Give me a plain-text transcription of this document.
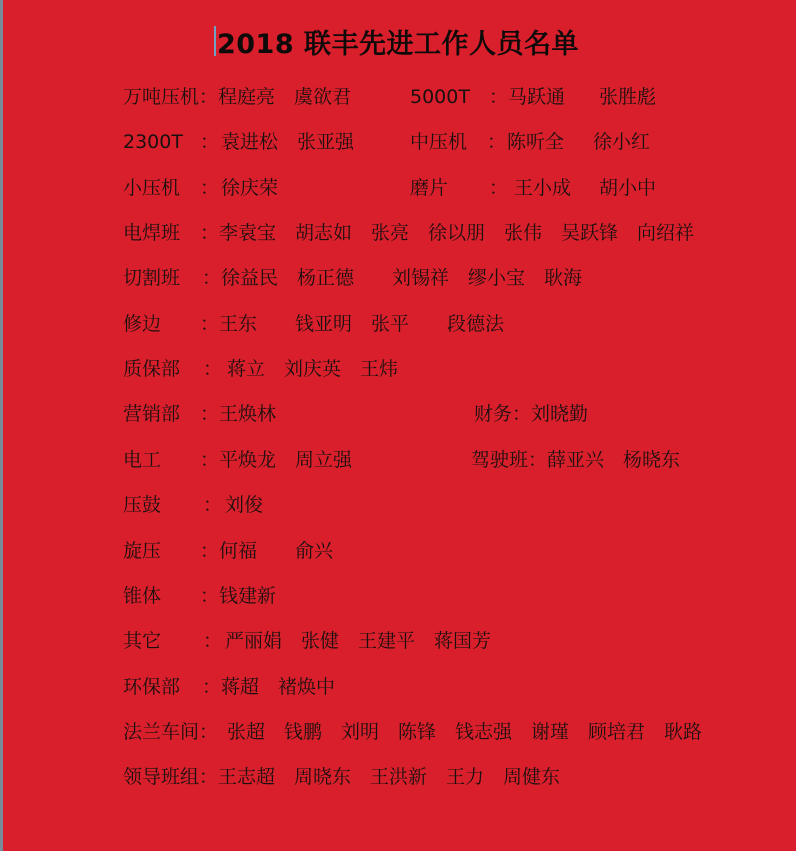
2018 联丰先进工作人员名单
万吨压机：程庭亮　虞欲君	5000T ：马跃通 张胜彪
2300T ： 袁进松　张亚强	中压机 ： 陈听全 徐小红
小压机 ： 徐庆荣	磨片 ： 王小成 胡小中
电焊班 ：李袁宝　胡志如　张亮　徐以朋　张伟　吴跃锋　向绍祥
切割班 ：徐益民　杨正德　　刘锡祥　缪小宝　耿海
修边 ：王东　　钱亚明　张平　　段德法
质保部 ： 蒋立　刘庆英　王炜
营销部 ：王焕林	财务：刘晓勤
电工 ：平焕龙　周立强	驾驶班：薛亚兴　杨晓东
压鼓 ： 刘俊
旋压 ：何福　　俞兴
锥体 ：钱建新
其它 ： 严丽娟　张健　王建平　蒋国芳
环保部 ：蒋超　褚焕中
法兰车间： 张超　钱鹏　刘明　陈锋　钱志强　谢瑾　顾培君　耿路
领导班组：王志超　周晓东　王洪新　王力　周健东
